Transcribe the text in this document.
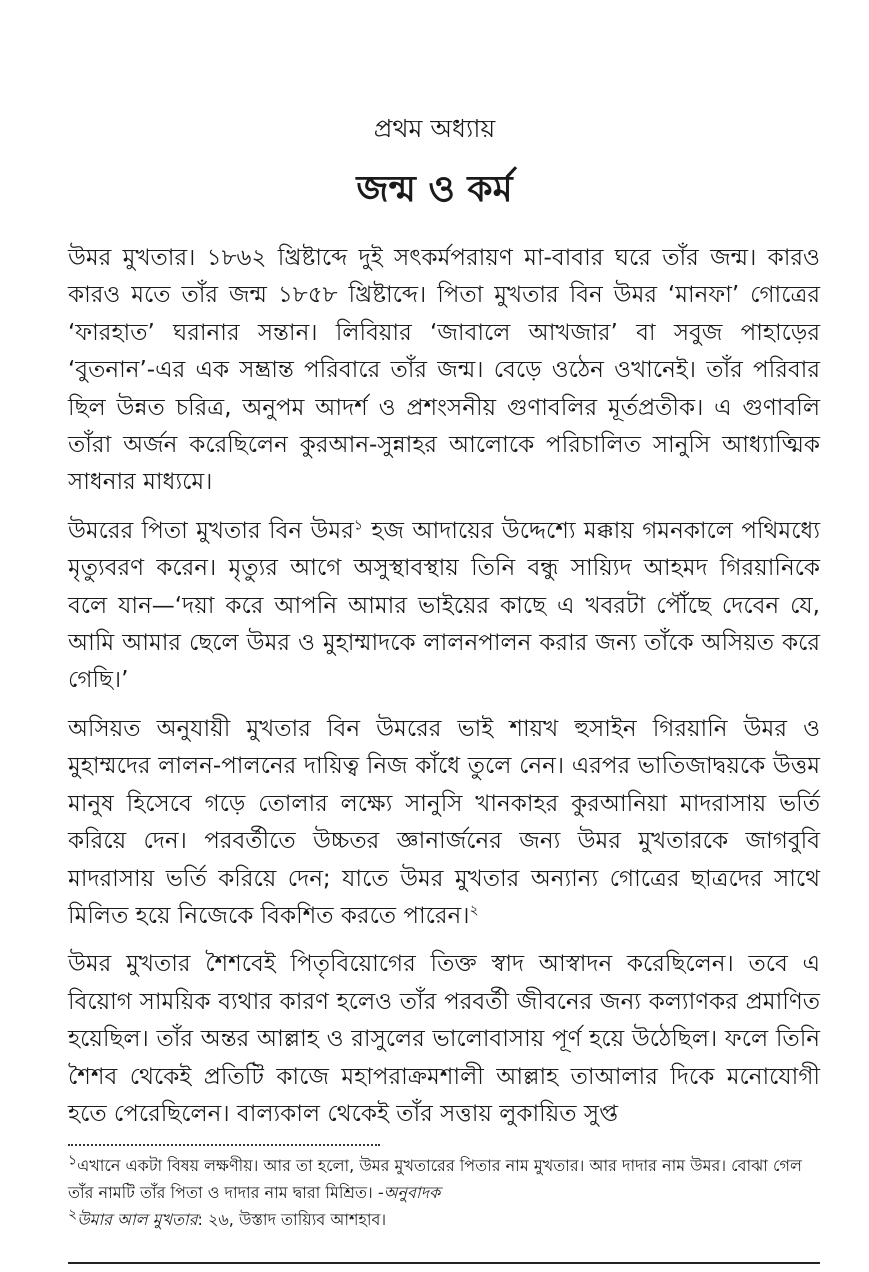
প্রথম অধ্যায়
জন্ম ও কর্ম

উমর মুখতার। ১৮৬২ খ্রিষ্টাব্দে দুই সৎকর্মপরায়ণ মা-বাবার ঘরে তাঁর জন্ম। কারও কারও মতে তাঁর জন্ম ১৮৫৮ খ্রিষ্টাব্দে। পিতা মুখতার বিন উমর ‘মানফা’ গোত্রের ‘ফারহাত’ ঘরানার সন্তান। লিবিয়ার ‘জাবালে আখজার’ বা সবুজ পাহাড়ের ‘বুতনান’-এর এক সম্ভ্রান্ত পরিবারে তাঁর জন্ম। বেড়ে ওঠেন ওখানেই। তাঁর পরিবার ছিল উন্নত চরিত্র, অনুপম আদর্শ ও প্রশংসনীয় গুণাবলির মূর্তপ্রতীক। এ গুণাবলি তাঁরা অর্জন করেছিলেন কুরআন-সুন্নাহর আলোকে পরিচালিত সানুসি আধ্যাত্মিক সাধনার মাধ্যমে।

উমরের পিতা মুখতার বিন উমর$^১$ হজ আদায়ের উদ্দেশ্যে মক্কায় গমনকালে পথিমধ্যে মৃত্যুবরণ করেন। মৃত্যুর আগে অসুস্থাবস্থায় তিনি বন্ধু সায়্যিদ আহমদ গিরয়ানিকে বলে যান—‘দয়া করে আপনি আমার ভাইয়ের কাছে এ খবরটা পৌঁছে দেবেন যে, আমি আমার ছেলে উমর ও মুহাম্মাদকে লালনপালন করার জন্য তাঁকে অসিয়ত করে গেছি।’

অসিয়ত অনুযায়ী মুখতার বিন উমরের ভাই শায়খ হুসাইন গিরয়ানি উমর ও মুহাম্মদের লালন-পালনের দায়িত্ব নিজ কাঁধে তুলে নেন। এরপর ভাতিজাদ্বয়কে উত্তম মানুষ হিসেবে গড়ে তোলার লক্ষ্যে সানুসি খানকাহর কুরআনিয়া মাদরাসায় ভর্তি করিয়ে দেন। পরবর্তীতে উচ্চতর জ্ঞানার্জনের জন্য উমর মুখতারকে জাগবুবি মাদরাসায় ভর্তি করিয়ে দেন; যাতে উমর মুখতার অন্যান্য গোত্রের ছাত্রদের সাথে মিলিত হয়ে নিজেকে বিকশিত করতে পারেন।$^২$

উমর মুখতার শৈশবেই পিতৃবিয়োগের তিক্ত স্বাদ আস্বাদন করেছিলেন। তবে এ বিয়োগ সাময়িক ব্যথার কারণ হলেও তাঁর পরবর্তী জীবনের জন্য কল্যাণকর প্রমাণিত হয়েছিল। তাঁর অন্তর আল্লাহ ও রাসুলের ভালোবাসায় পূর্ণ হয়ে উঠেছিল। ফলে তিনি শৈশব থেকেই প্রতিটি কাজে মহাপরাক্রমশালী আল্লাহ তাআলার দিকে মনোযোগী হতে পেরেছিলেন। বাল্যকাল থেকেই তাঁর সত্তায় লুকায়িত সুপ্ত

$^১$এখানে একটা বিষয় লক্ষণীয়। আর তা হলো, উমর মুখতারের পিতার নাম মুখতার। আর দাদার নাম উমর। বোঝা গেল তাঁর নামটি তাঁর পিতা ও দাদার নাম দ্বারা মিশ্রিত। -অনুবাদক

$^২$উমার আল মুখতার: ২৬, উস্তাদ তায়্যিব আশহাব।
